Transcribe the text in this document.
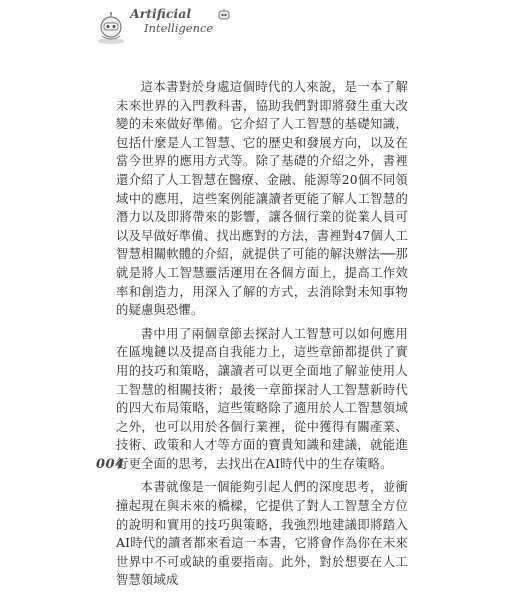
Artificial
Intelligence

這本書對於身處這個時代的人來說，是一本了解未來世界的入門教科書，協助我們對即將發生重大改變的未來做好準備。它介紹了人工智慧的基礎知識，包括什麼是人工智慧、它的歷史和發展方向，以及在當今世界的應用方式等。除了基礎的介紹之外，書裡還介紹了人工智慧在醫療、金融、能源等20個不同領域中的應用，這些案例能讓讀者更能了解人工智慧的潛力以及即將帶來的影響，讓各個行業的從業人員可以及早做好準備、找出應對的方法，書裡對47個人工智慧相關軟體的介紹，就提供了可能的解決辦法──那就是將人工智慧靈活運用在各個方面上，提高工作效率和創造力，用深入了解的方式，去消除對未知事物的疑慮與恐懼。

書中用了兩個章節去探討人工智慧可以如何應用在區塊鏈以及提高自我能力上，這些章節都提供了實用的技巧和策略，讓讀者可以更全面地了解並使用人工智慧的相關技術；最後一章節探討人工智慧新時代的四大布局策略，這些策略除了適用於人工智慧領域之外，也可以用於各個行業裡，從中獲得有關產業、技術、政策和人才等方面的寶貴知識和建議，就能進行更全面的思考，去找出在AI時代中的生存策略。

本書就像是一個能夠引起人們的深度思考，並衝撞起現在與未來的橋樑，它提供了對人工智慧全方位的說明和實用的技巧與策略，我強烈地建議即將踏入AI時代的讀者都來看這一本書，它將會作為你在未來世界中不可或缺的重要指南。此外，對於想要在人工智慧領域成

004
